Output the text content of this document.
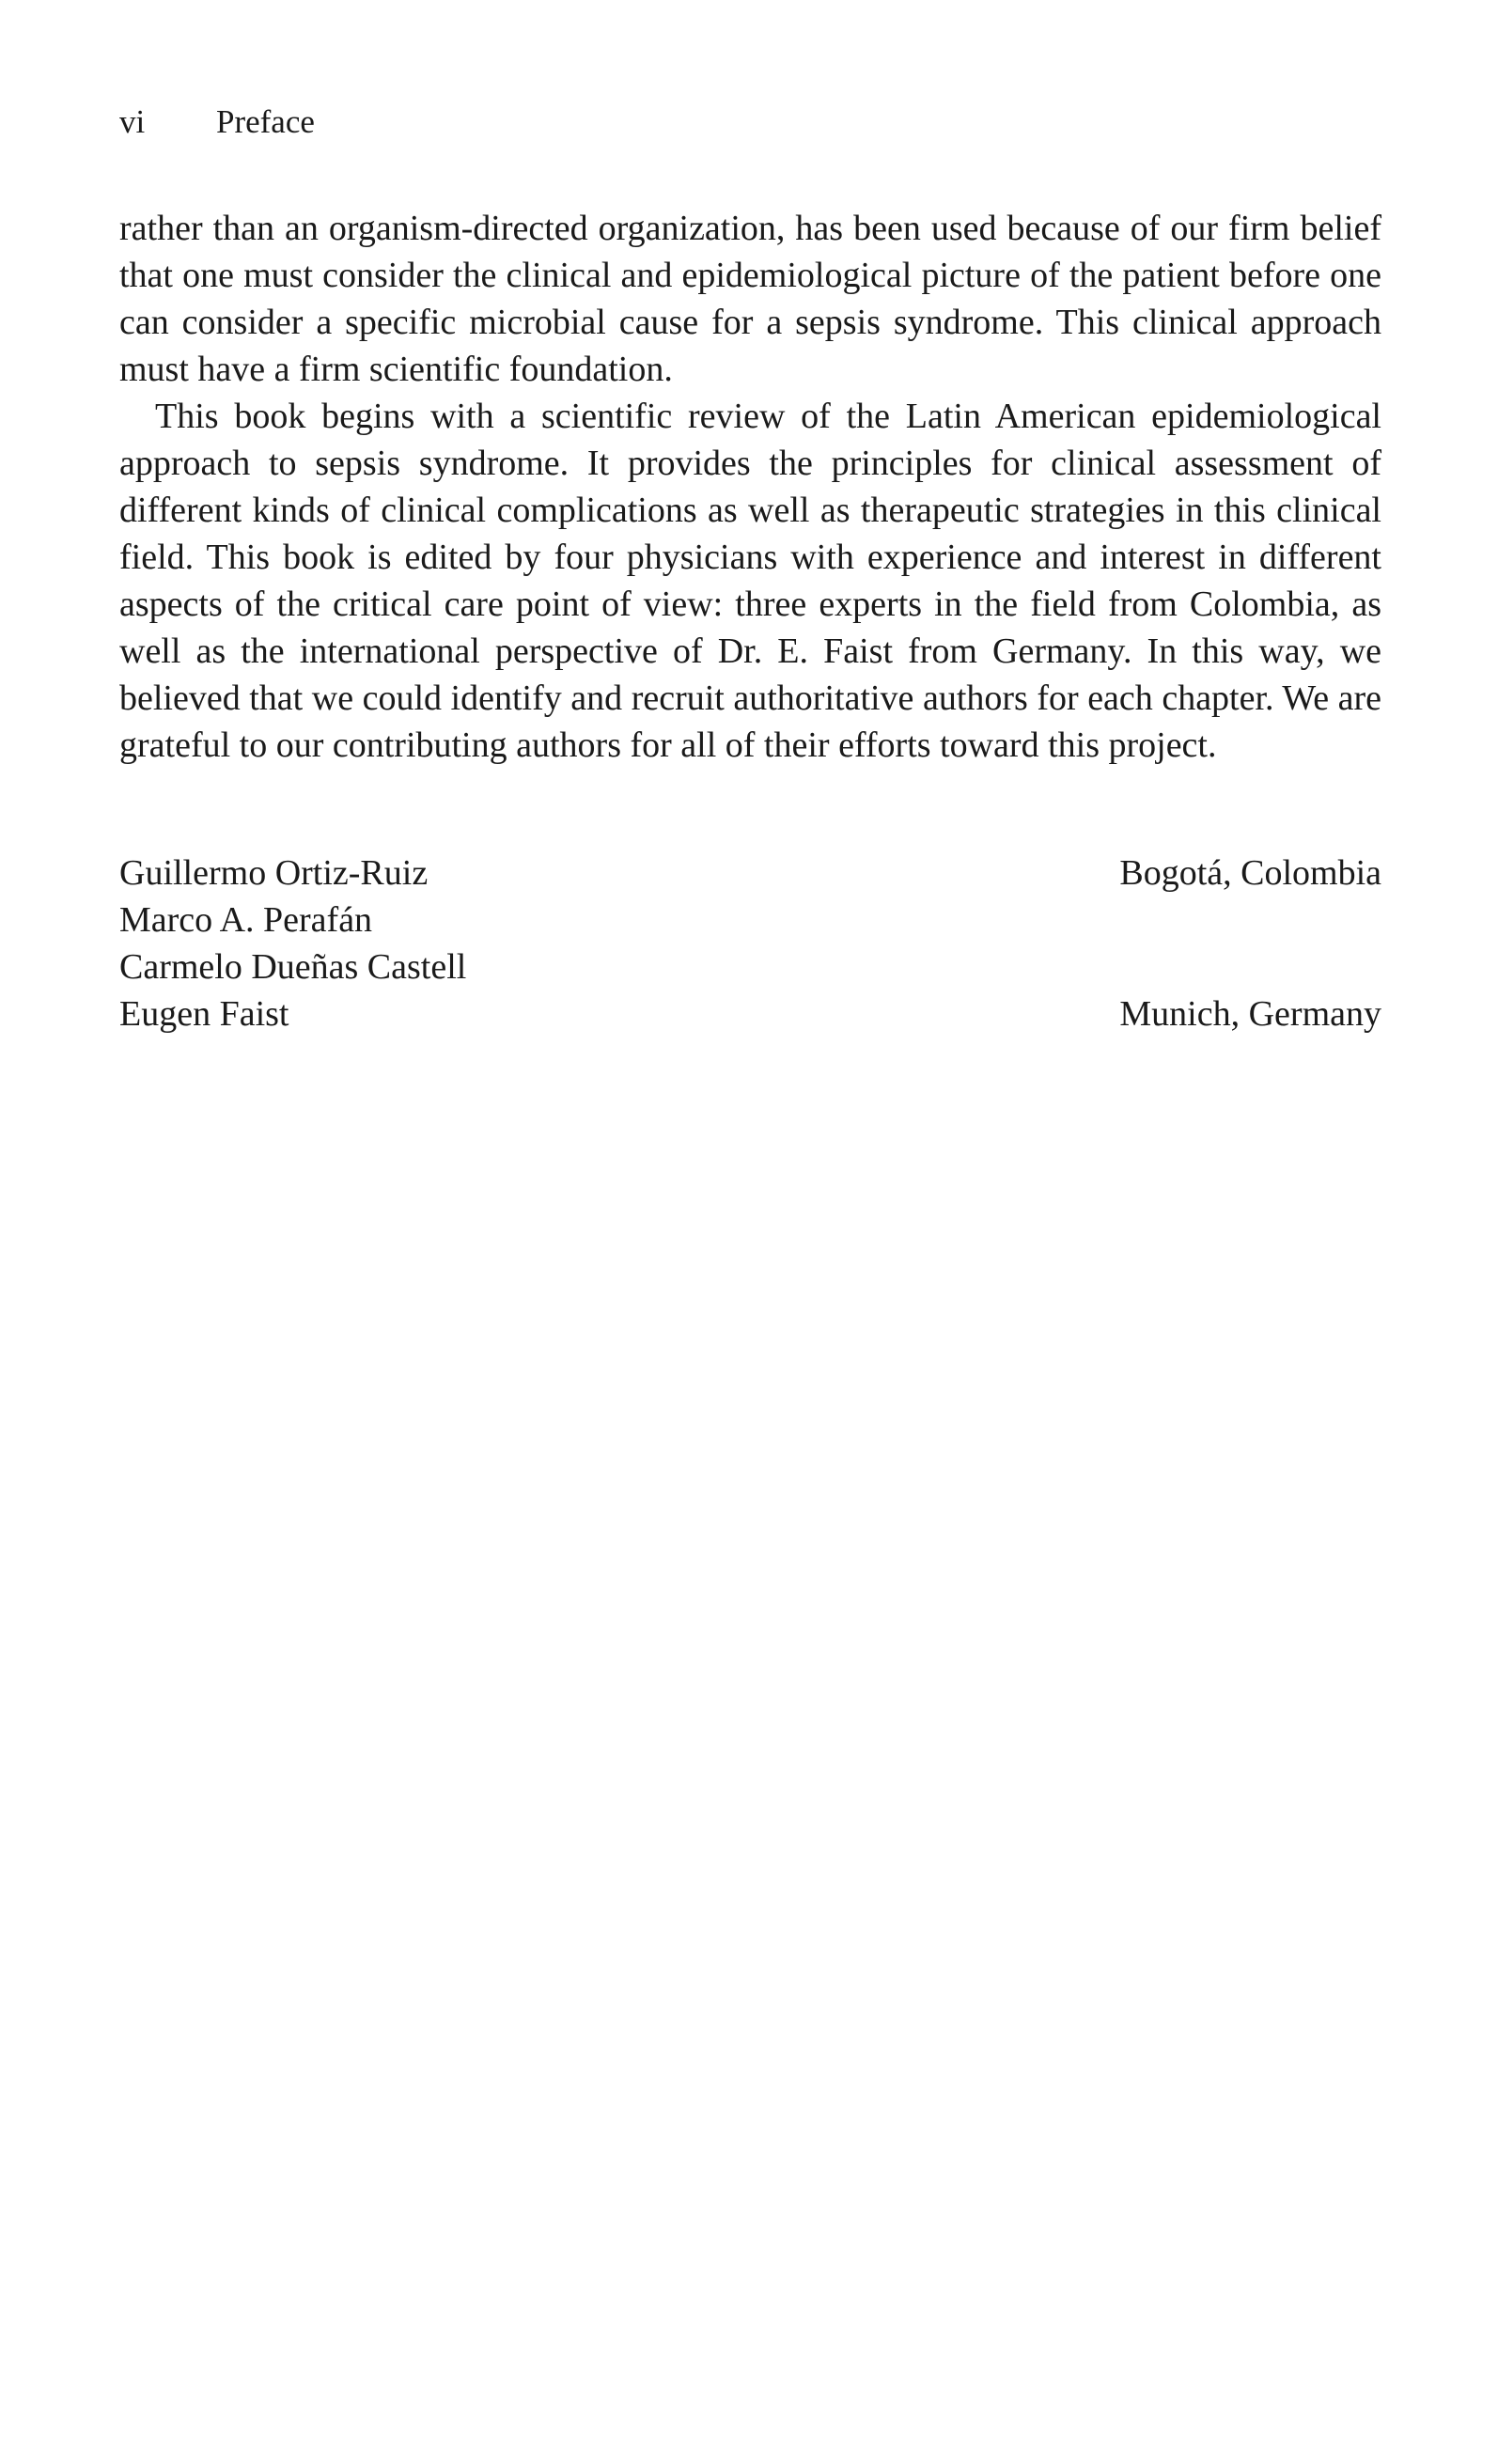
vi	Preface

rather than an organism-directed organization, has been used because of our firm belief that one must consider the clinical and epidemiological picture of the patient before one can consider a specific microbial cause for a sepsis syndrome. This clinical approach must have a firm scientific foundation.

This book begins with a scientific review of the Latin American epidemiological approach to sepsis syndrome. It provides the principles for clinical assessment of different kinds of clinical complications as well as therapeutic strategies in this clinical field. This book is edited by four physicians with experience and interest in different aspects of the critical care point of view: three experts in the field from Colombia, as well as the international perspective of Dr. E. Faist from Germany. In this way, we believed that we could identify and recruit authoritative authors for each chapter. We are grateful to our contributing authors for all of their efforts toward this project.

Guillermo Ortiz-Ruiz	Bogotá, Colombia
Marco A. Perafán
Carmelo Dueñas Castell
Eugen Faist	Munich, Germany
